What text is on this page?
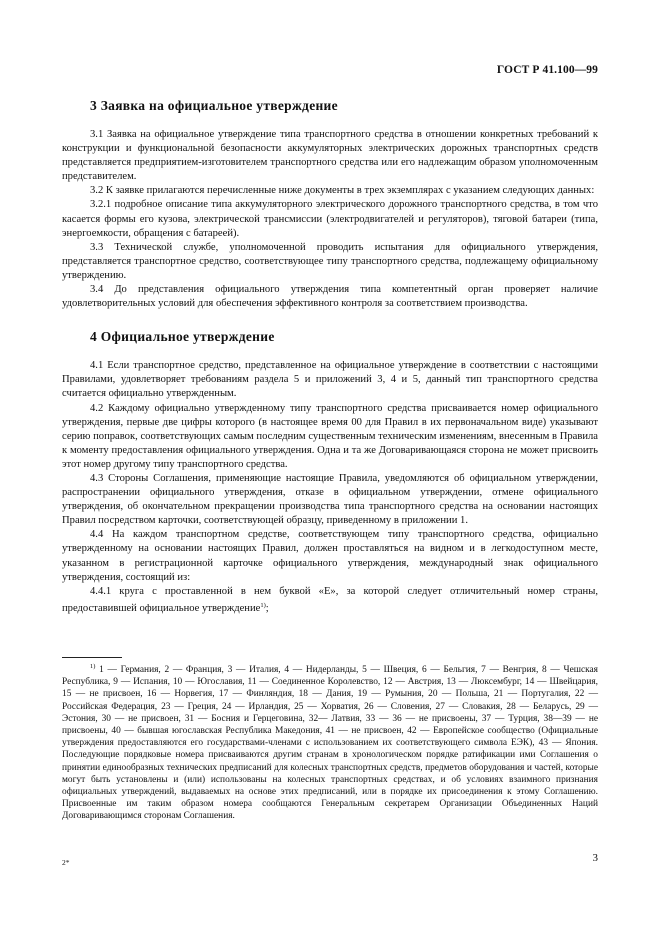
ГОСТ Р 41.100—99
3 Заявка на официальное утверждение

3.1 Заявка на официальное утверждение типа транспортного средства в отношении конкретных требований к конструкции и функциональной безопасности аккумуляторных электрических дорожных транспортных средств представляется предприятием-изготовителем транспортного средства или его надлежащим образом уполномоченным представителем.

3.2 К заявке прилагаются перечисленные ниже документы в трех экземплярах с указанием следующих данных:

3.2.1 подробное описание типа аккумуляторного электрического дорожного транспортного средства, в том что касается формы его кузова, электрической трансмиссии (электродвигателей и регуляторов), тяговой батареи (типа, энергоемкости, обращения с батареей).

3.3 Технической службе, уполномоченной проводить испытания для официального утверждения, представляется транспортное средство, соответствующее типу транспортного средства, подлежащему официальному утверждению.

3.4 До представления официального утверждения типа компетентный орган проверяет наличие удовлетворительных условий для обеспечения эффективного контроля за соответствием производства.

4 Официальное утверждение

4.1 Если транспортное средство, представленное на официальное утверждение в соответствии с настоящими Правилами, удовлетворяет требованиям раздела 5 и приложений 3, 4 и 5, данный тип транспортного средства считается официально утвержденным.

4.2 Каждому официально утвержденному типу транспортного средства присваивается номер официального утверждения, первые две цифры которого (в настоящее время 00 для Правил в их первоначальном виде) указывают серию поправок, соответствующих самым последним существенным техническим изменениям, внесенным в Правила к моменту предоставления официального утверждения. Одна и та же Договаривающаяся сторона не может присвоить этот номер другому типу транспортного средства.

4.3 Стороны Соглашения, применяющие настоящие Правила, уведомляются об официальном утверждении, распространении официального утверждения, отказе в официальном утверждении, отмене официального утверждения, об окончательном прекращении производства типа транспортного средства на основании настоящих Правил посредством карточки, соответствующей образцу, приведенному в приложении 1.

4.4 На каждом транспортном средстве, соответствующем типу транспортного средства, официально утвержденному на основании настоящих Правил, должен проставляться на видном и в легкодоступном месте, указанном в регистрационной карточке официального утверждения, международный знак официального утверждения, состоящий из:

4.4.1 круга с проставленной в нем буквой «Е», за которой следует отличительный номер страны, предоставившей официальное утверждение$^{1)}$;

$^{1)}$ 1 — Германия, 2 — Франция, 3 — Италия, 4 — Нидерланды, 5 — Швеция, 6 — Бельгия, 7 — Венгрия, 8 — Чешская Республика, 9 — Испания, 10 — Югославия, 11 — Соединенное Королевство, 12 — Австрия, 13 — Люксембург, 14 — Швейцария, 15 — не присвоен, 16 — Норвегия, 17 — Финляндия, 18 — Дания, 19 — Румыния, 20 — Польша, 21 — Португалия, 22 — Российская Федерация, 23 — Греция, 24 — Ирландия, 25 — Хорватия, 26 — Словения, 27 — Словакия, 28 — Беларусь, 29 — Эстония, 30 — не присвоен, 31 — Босния и Герцеговина, 32— Латвия, 33 — 36 — не присвоены, 37 — Турция, 38—39 — не присвоены, 40 — бывшая югославская Республика Македония, 41 — не присвоен, 42 — Европейское сообщество (Официальные утверждения предоставляются его государствами-членами с использованием их соответствующего символа ЕЭК), 43 — Япония. Последующие порядковые номера присваиваются другим странам в хронологическом порядке ратификации ими Соглашения о принятии единообразных технических предписаний для колесных транспортных средств, предметов оборудования и частей, которые могут быть установлены и (или) использованы на колесных транспортных средствах, и об условиях взаимного признания официальных утверждений, выдаваемых на основе этих предписаний, или в порядке их присоединения к этому Соглашению. Присвоенные им таким образом номера сообщаются Генеральным секретарем Организации Объединенных Наций Договаривающимся сторонам Соглашения.

2*	3
